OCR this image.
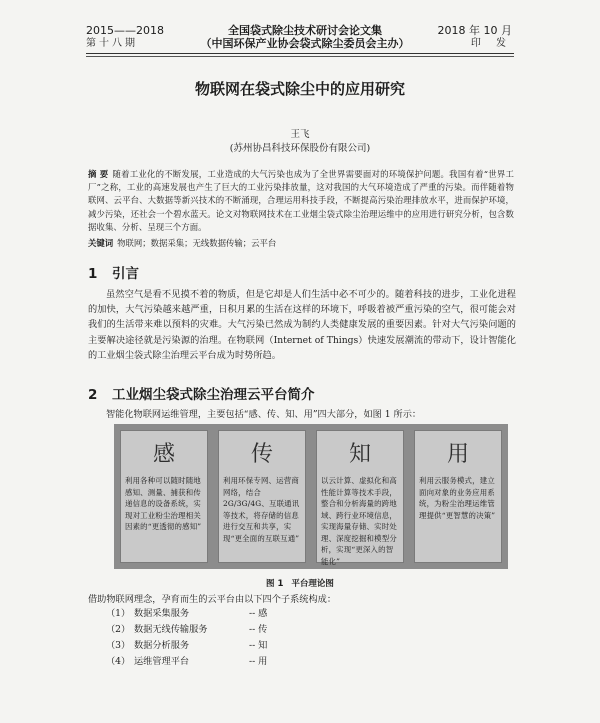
2015——2018
第十八期
全国袋式除尘技术研讨会论文集
（中国环保产业协会袋式除尘委员会主办）
2018 年 10 月
印 发
物联网在袋式除尘中的应用研究
王飞
(苏州协昌科技环保股份有限公司)
摘 要 随着工业化的不断发展，工业造成的大气污染也成为了全世界需要面对的环境保护问题。我国有着“世界工厂”之称，工业的高速发展也产生了巨大的工业污染排放量，这对我国的大气环境造成了严重的污染。而伴随着物联网、云平台、大数据等新兴技术的不断涌现，合理运用科技手段，不断提高污染治理排放水平，进而保护环境，减少污染，还社会一个碧水蓝天。论文对物联网技术在工业烟尘袋式除尘治理运维中的应用进行研究分析，包含数据收集、分析、呈现三个方面。
关键词 物联网；数据采集；无线数据传输；云平台
1 引言
虽然空气是看不见摸不着的物质，但是它却是人们生活中必不可少的。随着科技的进步，工业化进程的加快，大气污染越来越严重，日积月累的生活在这样的环境下，呼吸着被严重污染的空气，很可能会对我们的生活带来难以预料的灾难。大气污染已然成为制约人类健康发展的重要因素。针对大气污染问题的主要解决途径就是污染源的治理。在物联网（Internet of Things）快速发展潮流的带动下，设计智能化的工业烟尘袋式除尘治理云平台成为时势所趋。
2 工业烟尘袋式除尘治理云平台简介
智能化物联网运维管理，主要包括“感、传、知、用”四大部分，如图 1 所示：
感
利用各种可以随时随地感知、测量、捕获和传递信息的设备系统，实现对工业粉尘治理相关因素的“更透彻的感知”
传
利用环保专网、运营商网络，结合2G/3G/4G、互联通讯等技术，将存储的信息进行交互和共享，实现“更全面的互联互通”
知
以云计算、虚拟化和高性能计算等技术手段，整合和分析海量的跨地域、跨行业环境信息，实现海量存储、实时处理、深度挖掘和模型分析，实现“更深入的智能化”
用
利用云服务模式，建立面向对象的业务应用系统，为粉尘治理运维管理提供“更智慧的决策”
图 1 平台理论图
借助物联网理念，孕育而生的云平台由以下四个子系统构成：
（1） 数据采集服务	-- 感
（2） 数据无线传输服务	-- 传
（3） 数据分析服务	-- 知
（4） 运维管理平台	-- 用
